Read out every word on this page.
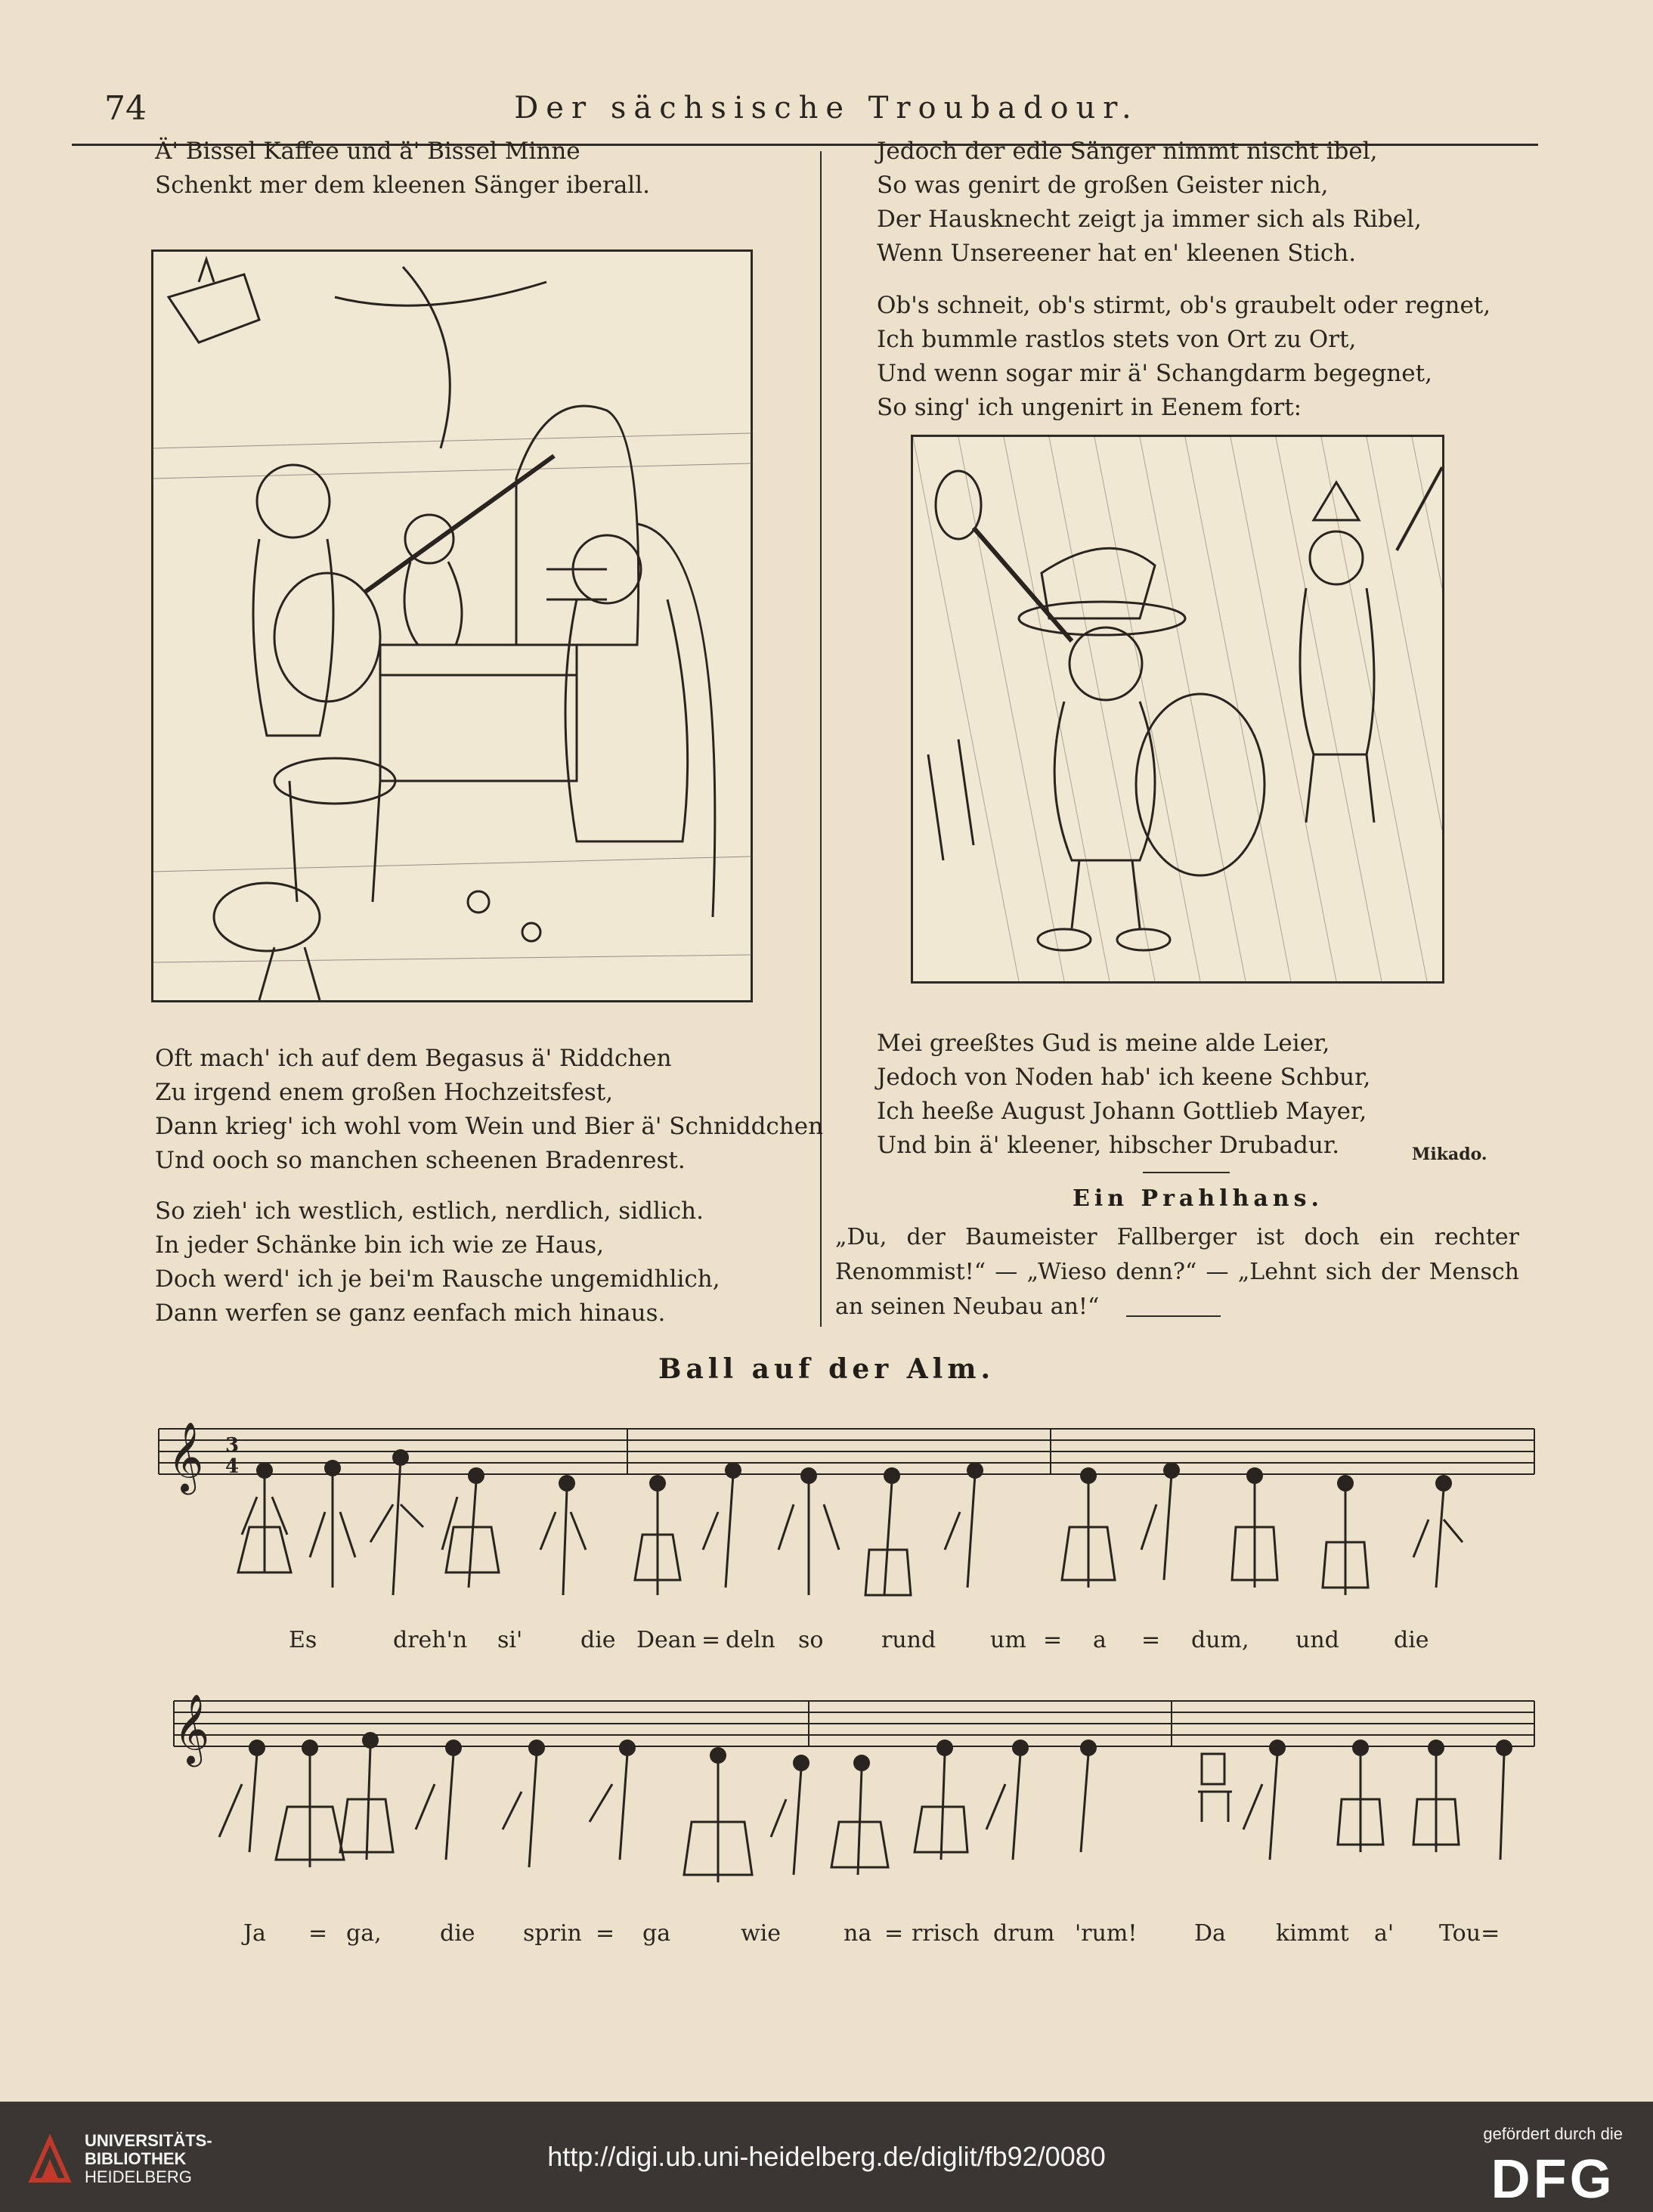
74	Der sächsische Troubadour.
Ä' Bissel Kaffee und ä' Bissel Minne
Schenkt mer dem kleenen Sänger iberall.
Oft mach' ich auf dem Begasus ä' Riddchen
Zu irgend enem großen Hochzeitsfest,
Dann krieg' ich wohl vom Wein und Bier ä' Schniddchen
Und ooch so manchen scheenen Bradenrest.
So zieh' ich westlich, estlich, nerdlich, sidlich.
In jeder Schänke bin ich wie ze Haus,
Doch werd' ich je bei'm Rausche ungemidhlich,
Dann werfen se ganz eenfach mich hinaus.
Jedoch der edle Sänger nimmt nischt ibel,
So was genirt de großen Geister nich,
Der Hausknecht zeigt ja immer sich als Ribel,
Wenn Unsereener hat en' kleenen Stich.
Ob's schneit, ob's stirmt, ob's graubelt oder regnet,
Ich bummle rastlos stets von Ort zu Ort,
Und wenn sogar mir ä' Schangdarm begegnet,
So sing' ich ungenirt in Eenem fort:
Mei greeßtes Gud is meine alde Leier,
Jedoch von Noden hab' ich keene Schbur,
Ich heeße August Johann Gottlieb Mayer,
Und bin ä' kleener, hibscher Drubadur.	Mikado.
Ein Prahlhans.
„Du, der Baumeister Fallberger ist doch ein rechter Renommist!“ — „Wieso denn?“ — „Lehnt sich der Mensch an seinen Neubau an!“
Ball auf der Alm.
𝄞 3
4
Es	dreh'n si'	die Dean = deln so	rund um = a = dum, und die
𝄞
Ja = ga,	die sprin = ga	wie	na = rrisch drum 'rum!	Da kimmt a' Tou=
UNIVERSITÄTS-
BIBLIOTHEK
HEIDELBERG
http://digi.ub.uni-heidelberg.de/diglit/fb92/0080
gefördert durch die
DFG
